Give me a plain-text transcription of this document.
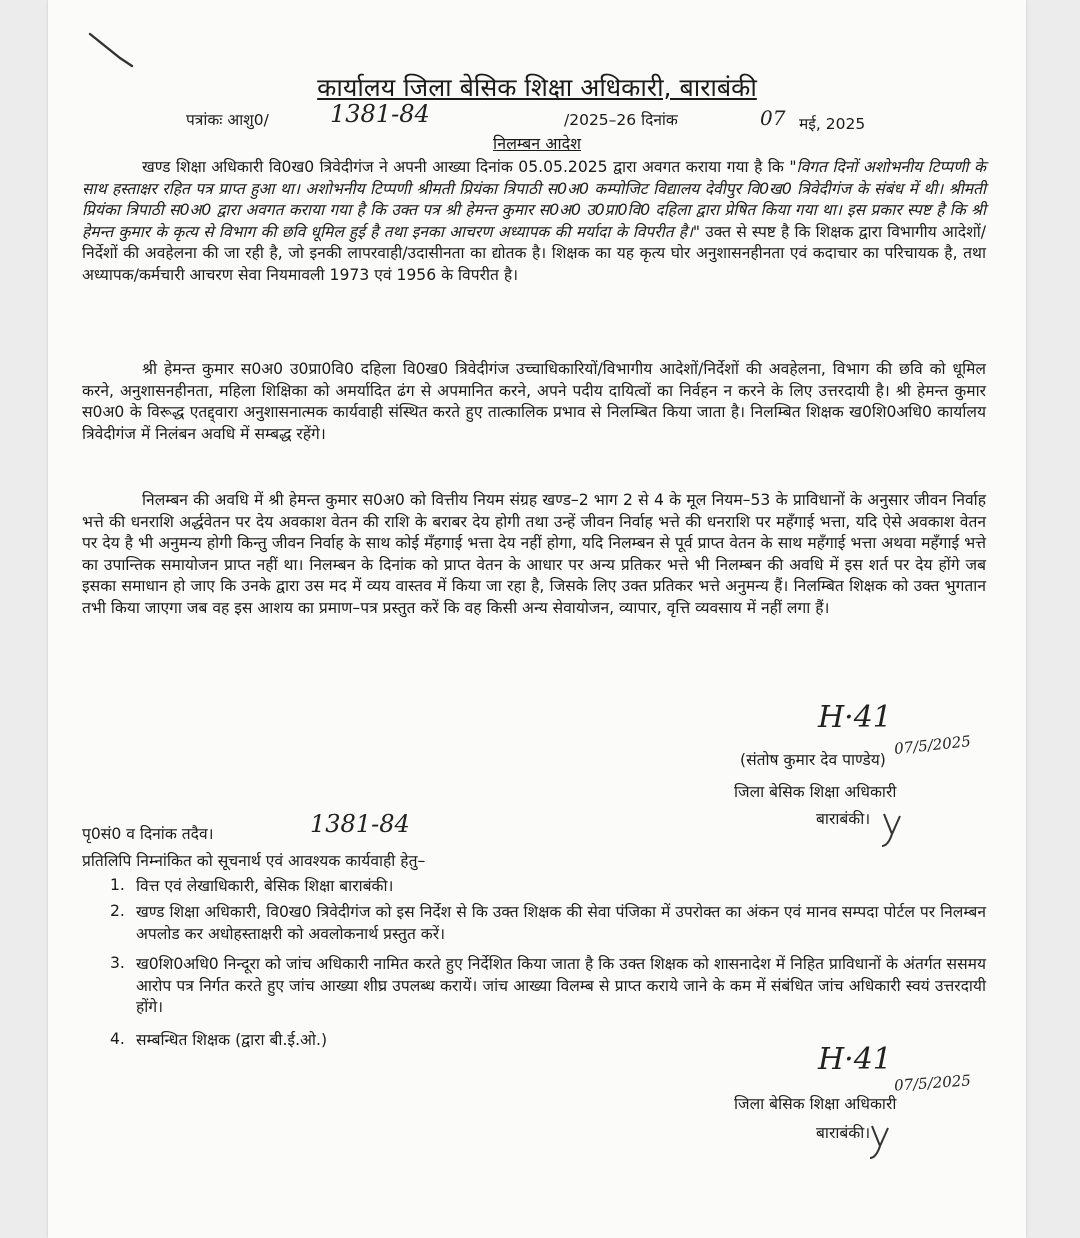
कार्यालय जिला बेसिक शिक्षा अधिकारी, बाराबंकी
पत्रांकः आशु0/	1381-84	/2025–26 दिनांक	07 मई, 2025
निलम्बन आदेश

खण्ड शिक्षा अधिकारी वि0ख0 त्रिवेदीगंज ने अपनी आख्या दिनांक 05.05.2025 द्वारा अवगत कराया गया है कि "विगत दिनों अशोभनीय टिप्पणी के साथ हस्ताक्षर रहित पत्र प्राप्त हुआ था। अशोभनीय टिप्पणी श्रीमती प्रियंका त्रिपाठी स0अ0 कम्पोजिट विद्यालय देवीपुर वि0ख0 त्रिवेदीगंज के संबंध में थी। श्रीमती प्रियंका त्रिपाठी स0अ0 द्वारा अवगत कराया गया है कि उक्त पत्र श्री हेमन्त कुमार स0अ0 उ0प्रा0वि0 दहिला द्वारा प्रेषित किया गया था। इस प्रकार स्पष्ट है कि श्री हेमन्त कुमार के कृत्य से विभाग की छवि धूमिल हुई है तथा इनका आचरण अध्यापक की मर्यादा के विपरीत है।" उक्त से स्पष्ट है कि शिक्षक द्वारा विभागीय आदेशों/निर्देशों की अवहेलना की जा रही है, जो इनकी लापरवाही/उदासीनता का द्योतक है। शिक्षक का यह कृत्य घोर अनुशासनहीनता एवं कदाचार का परिचायक है, तथा अध्यापक/कर्मचारी आचरण सेवा नियमावली 1973 एवं 1956 के विपरीत है।

श्री हेमन्त कुमार स0अ0 उ0प्रा0वि0 दहिला वि0ख0 त्रिवेदीगंज उच्चाधिकारियों/विभागीय आदेशों/निर्देशों की अवहेलना, विभाग की छवि को धूमिल करने, अनुशासनहीनता, महिला शिक्षिका को अमर्यादित ढंग से अपमानित करने, अपने पदीय दायित्वों का निर्वहन न करने के लिए उत्तरदायी है। श्री हेमन्त कुमार स0अ0 के विरूद्ध एतद्द्वारा अनुशासनात्मक कार्यवाही संस्थित करते हुए तात्कालिक प्रभाव से निलम्बित किया जाता है। निलम्बित शिक्षक ख0शि0अधि0 कार्यालय त्रिवेदीगंज में निलंबन अवधि में सम्बद्ध रहेंगे।

निलम्बन की अवधि में श्री हेमन्त कुमार स0अ0 को वित्तीय नियम संग्रह खण्ड–2 भाग 2 से 4 के मूल नियम–53 के प्राविधानों के अनुसार जीवन निर्वाह भत्ते की धनराशि अर्द्धवेतन पर देय अवकाश वेतन की राशि के बराबर देय होगी तथा उन्हें जीवन निर्वाह भत्ते की धनराशि पर महँगाई भत्ता, यदि ऐसे अवकाश वेतन पर देय है भी अनुमन्य होगी किन्तु जीवन निर्वाह के साथ कोई मॅंहगाई भत्ता देय नहीं होगा, यदि निलम्बन से पूर्व प्राप्त वेतन के साथ महँगाई भत्ता अथवा महँगाई भत्ते का उपान्तिक समायोजन प्राप्त नहीं था। निलम्बन के दिनांक को प्राप्त वेतन के आधार पर अन्य प्रतिकर भत्ते भी निलम्बन की अवधि में इस शर्त पर देय होंगे जब इसका समाधान हो जाए कि उनके द्वारा उस मद में व्यय वास्तव में किया जा रहा है, जिसके लिए उक्त प्रतिकर भत्ते अनुमन्य हैं। निलम्बित शिक्षक को उक्त भुगतान तभी किया जाएगा जब वह इस आशय का प्रमाण–पत्र प्रस्तुत करें कि वह किसी अन्य सेवायोजन, व्यापार, वृत्ति व्यवसाय में नहीं लगा हैं।

H·41
07/5/2025
(संतोष कुमार देव पाण्डेय)
जिला बेसिक शिक्षा अधिकारी
बाराबंकी।
पृ0सं0 व दिनांक तदैव।	1381-84
प्रतिलिपि निम्नांकित को सूचनार्थ एवं आवश्यक कार्यवाही हेतु–
1. वित्त एवं लेखाधिकारी, बेसिक शिक्षा बाराबंकी।

2. खण्ड शिक्षा अधिकारी, वि0ख0 त्रिवेदीगंज को इस निर्देश से कि उक्त शिक्षक की सेवा पंजिका में उपरोक्त का अंकन एवं मानव सम्पदा पोर्टल पर निलम्बन अपलोड कर अधोहस्ताक्षरी को अवलोकनार्थ प्रस्तुत करें।

3. ख0शि0अधि0 निन्दूरा को जांच अधिकारी नामित करते हुए निर्देशित किया जाता है कि उक्त शिक्षक को शासनादेश में निहित प्राविधानों के अंतर्गत ससमय आरोप पत्र निर्गत करते हुए जांच आख्या शीघ्र उपलब्ध करायें। जांच आख्या विलम्ब से प्राप्त कराये जाने के कम में संबंधित जांच अधिकारी स्वयं उत्तरदायी होंगे।

4. सम्बन्धित शिक्षक (द्वारा बी.ई.ओ.)

H·41
07/5/2025
जिला बेसिक शिक्षा अधिकारी
बाराबंकी।
